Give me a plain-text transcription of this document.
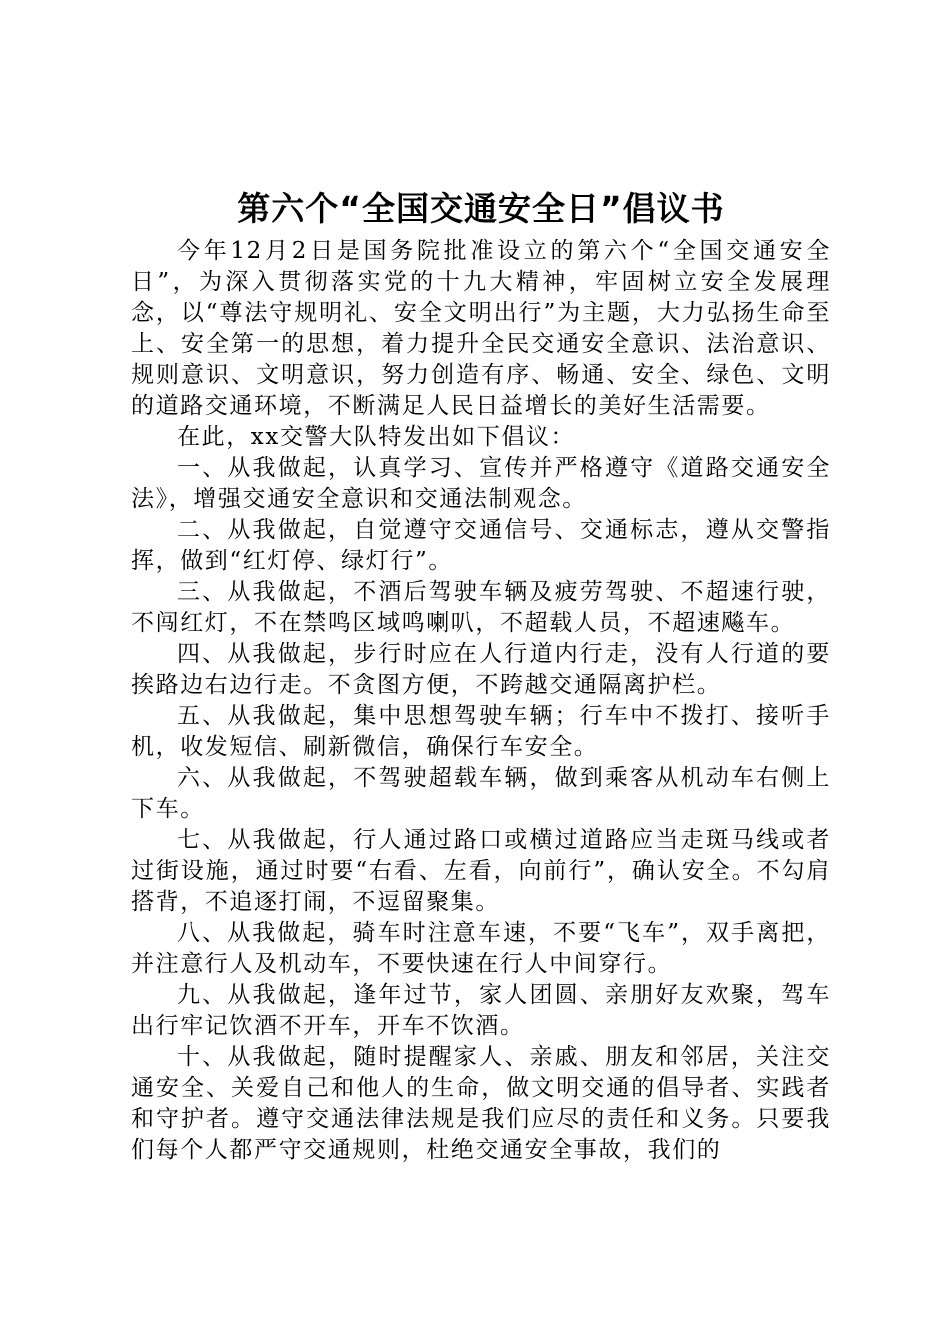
第六个“全国交通安全日”倡议书

今年12月2日是国务院批准设立的第六个“全国交通安全日”，为深入贯彻落实党的十九大精神，牢固树立安全发展理念，以“尊法守规明礼、安全文明出行”为主题，大力弘扬生命至上、安全第一的思想，着力提升全民交通安全意识、法治意识、规则意识、文明意识，努力创造有序、畅通、安全、绿色、文明的道路交通环境，不断满足人民日益增长的美好生活需要。

在此，xx交警大队特发出如下倡议：

一、从我做起，认真学习、宣传并严格遵守《道路交通安全法》，增强交通安全意识和交通法制观念。

二、从我做起，自觉遵守交通信号、交通标志，遵从交警指挥，做到“红灯停、绿灯行”。

三、从我做起，不酒后驾驶车辆及疲劳驾驶、不超速行驶，不闯红灯，不在禁鸣区域鸣喇叭，不超载人员，不超速飚车。

四、从我做起，步行时应在人行道内行走，没有人行道的要挨路边右边行走。不贪图方便，不跨越交通隔离护栏。

五、从我做起，集中思想驾驶车辆；行车中不拨打、接听手机，收发短信、刷新微信，确保行车安全。

六、从我做起，不驾驶超载车辆，做到乘客从机动车右侧上下车。

七、从我做起，行人通过路口或横过道路应当走斑马线或者过街设施，通过时要“右看、左看，向前行”，确认安全。不勾肩搭背，不追逐打闹，不逗留聚集。

八、从我做起，骑车时注意车速，不要“飞车”，双手离把，并注意行人及机动车，不要快速在行人中间穿行。

九、从我做起，逢年过节，家人团圆、亲朋好友欢聚，驾车出行牢记饮酒不开车，开车不饮酒。

十、从我做起，随时提醒家人、亲戚、朋友和邻居，关注交通安全、关爱自己和他人的生命，做文明交通的倡导者、实践者和守护者。遵守交通法律法规是我们应尽的责任和义务。只要我们每个人都严守交通规则，杜绝交通安全事故，我们的
